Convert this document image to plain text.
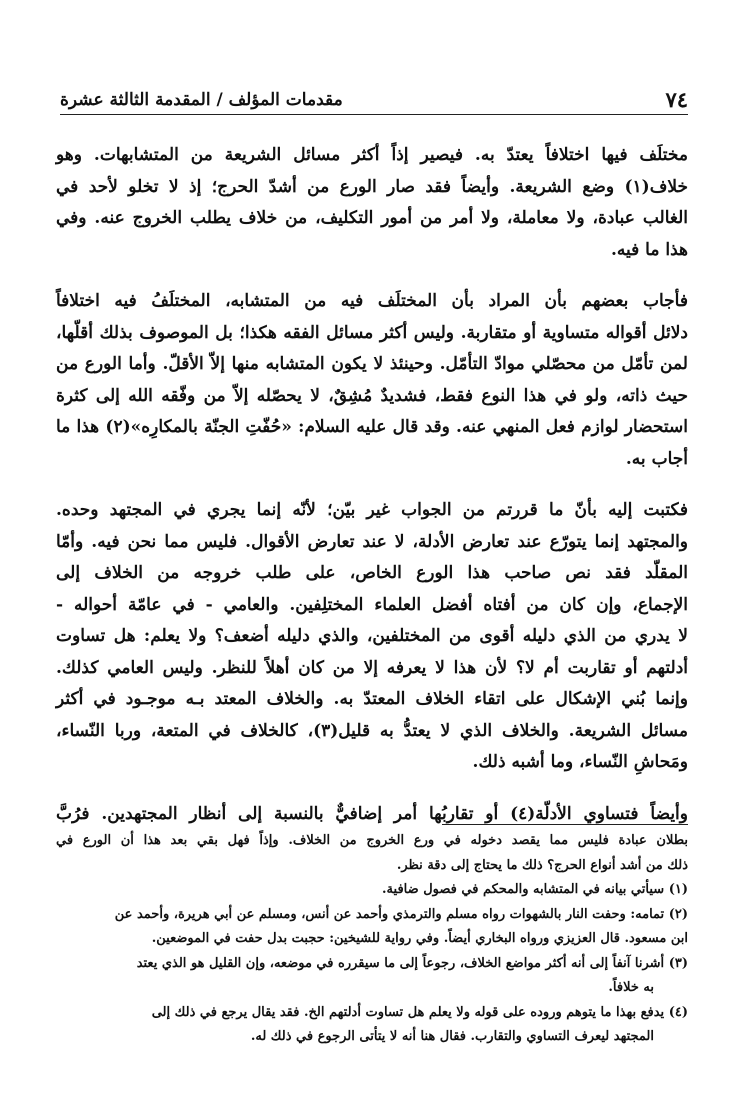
٧٤
مقدمات المؤلف / المقدمة الثالثة عشرة
مختلَف فيها اختلافاً يعتدّ به. فيصير إذاً أكثر مسائل الشريعة من المتشابهات. وهو
خلاف(١) وضع الشريعة. وأيضاً فقد صار الورع من أشدّ الحرج؛ إذ لا تخلو لأحد في
الغالب عبادة، ولا معاملة، ولا أمر من أمور التكليف، من خلاف يطلب الخروج عنه. وفي
هذا ما فيه.
فأجاب بعضهم بأن المراد بأن المختلَف فيه من المتشابه، المختلَفُ فيه اختلافاً
دلائل أقواله متساوية أو متقاربة. وليس أكثر مسائل الفقه هكذا؛ بل الموصوف بذلك أقلّها،
لمن تأمّل من محصّلي موادّ التأمّل. وحينئذ لا يكون المتشابه منها إلاّ الأقلّ. وأما الورع من
حيث ذاته، ولو في هذا النوع فقط، فشديدٌ مُشِقٌ، لا يحصّله إلاّ من وفّقه الله إلى كثرة
استحضار لوازم فعل المنهي عنه. وقد قال عليه السلام: «حُفّتِ الجنّة بالمكارِه»(٢) هذا ما
أجاب به.
فكتبت إليه بأنّ ما قررتم من الجواب غير بيّن؛ لأنّه إنما يجري في المجتهد وحده.
والمجتهد إنما يتورّع عند تعارض الأدلة، لا عند تعارض الأقوال. فليس مما نحن فيه. وأمّا
المقلّد فقد نص صاحب هذا الورع الخاص، على طلب خروجه من الخلاف إلى
الإجماع، وإن كان من أفتاه أفضل العلماء المختلِفين. والعامي - في عامّة أحواله -
لا يدري من الذي دليله أقوى من المختلفين، والذي دليله أضعف؟ ولا يعلم: هل تساوت
أدلتهم أو تقاربت أم لا؟ لأن هذا لا يعرفه إلا من كان أهلاً للنظر. وليس العامي كذلك.
وإنما بُني الإشكال على اتقاء الخلاف المعتدّ به. والخلاف المعتد بـه موجـود في أكثر
مسائل الشريعة. والخلاف الذي لا يعتدُّ به قليل(٣)، كالخلاف في المتعة، وربا النّساء،
ومَحاشِ النّساء، وما أشبه ذلك.
وأيضاً فتساوي الأدلّة(٤) أو تقاربُها أمر إضافيٌّ بالنسبة إلى أنظار المجتهدين. فرُبَّ
بطلان عبادة فليس مما يقصد دخوله في ورع الخروج من الخلاف. وإذاً فهل بقي بعد هذا أن الورع في
ذلك من أشد أنواع الحرج؟ ذلك ما يحتاج إلى دقة نظر.
(١) سيأتي بيانه في المتشابه والمحكم في فصول ضافية.
(٢) تمامه: وحفت النار بالشهوات رواه مسلم والترمذي وأحمد عن أنس، ومسلم عن أبي هريرة، وأحمد عن
ابن مسعود. قال العزيزي ورواه البخاري أيضاً. وفي رواية للشيخين: حجبت بدل حفت في الموضعين.
(٣) أشرنا آنفاً إلى أنه أكثر مواضع الخلاف، رجوعاً إلى ما سيقرره في موضعه، وإن القليل هو الذي يعتد
به خلافاً.
(٤) يدفع بهذا ما يتوهم وروده على قوله ولا يعلم هل تساوت أدلتهم الخ. فقد يقال يرجع في ذلك إلى
المجتهد ليعرف التساوي والتقارب. فقال هنا أنه لا يتأتى الرجوع في ذلك له.
